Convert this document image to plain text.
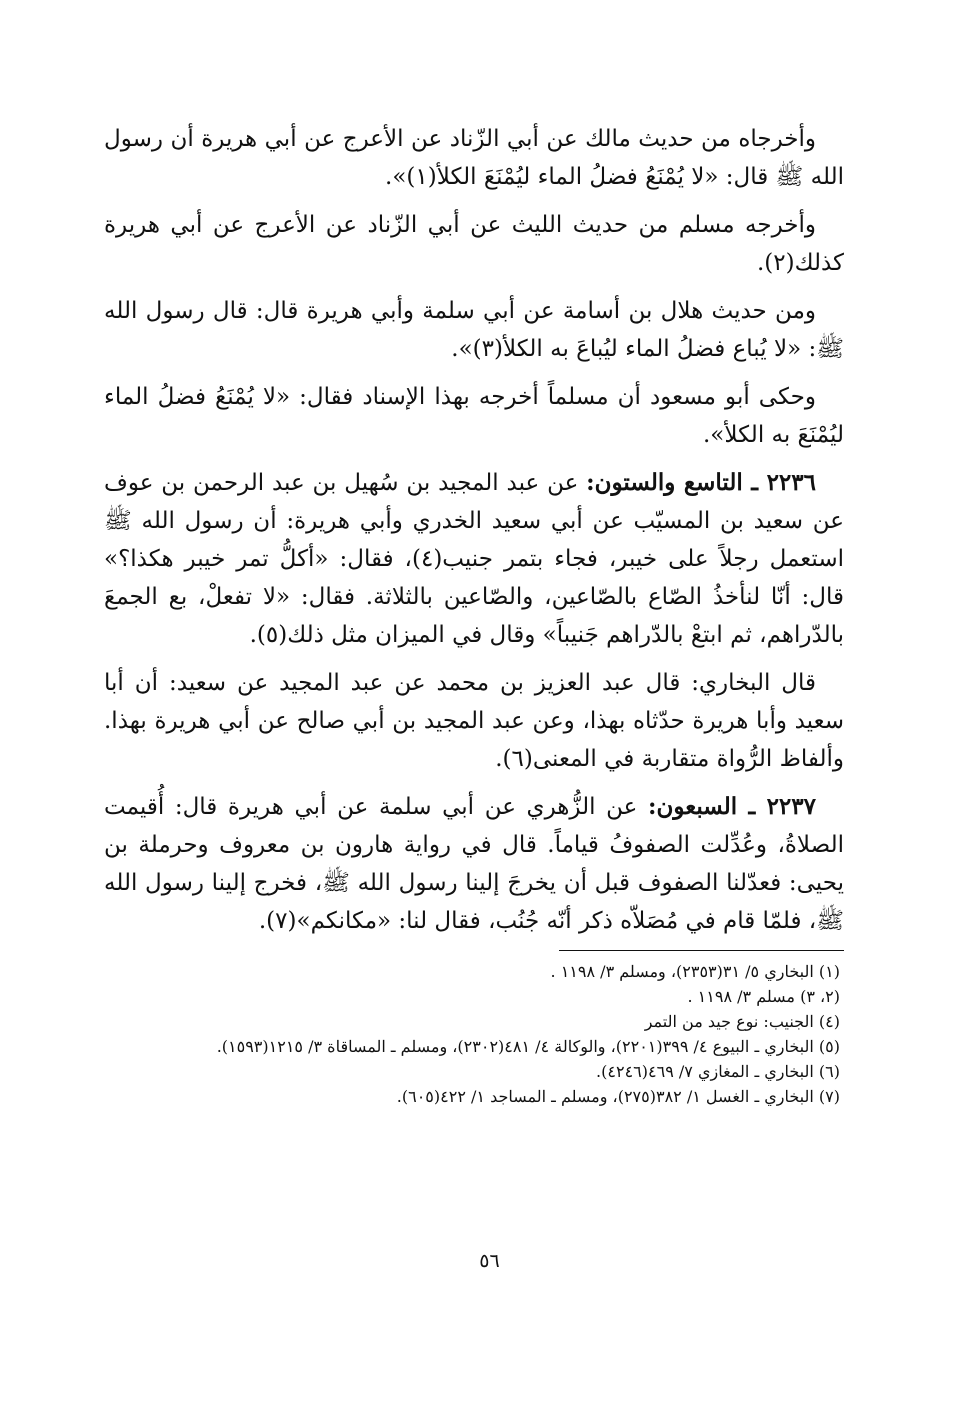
وأخرجاه من حديث مالك عن أبي الزّناد عن الأعرج عن أبي هريرة أن رسول الله ﷺ قال: «لا يُمْنَعُ فضلُ الماء ليُمْنَعَ الكلأ(١)».

وأخرجه مسلم من حديث الليث عن أبي الزّناد عن الأعرج عن أبي هريرة كذلك(٢).

ومن حديث هلال بن أسامة عن أبي سلمة وأبي هريرة قال: قال رسول الله ﷺ: «لا يُباع فضلُ الماء ليُباعَ به الكلأ(٣)».

وحكى أبو مسعود أن مسلماً أخرجه بهذا الإسناد فقال: «لا يُمْنَعُ فضلُ الماء ليُمْنَعَ به الكلأ».

٢٢٣٦ ـ التاسع والستون: عن عبد المجيد بن سُهيل بن عبد الرحمن بن عوف عن سعيد بن المسيّب عن أبي سعيد الخدري وأبي هريرة: أن رسول الله ﷺ استعمل رجلاً على خيبر، فجاء بتمر جنيب(٤)، فقال: «أكلُّ تمر خيبر هكذا؟» قال: أنّا لنأخذُ الصّاع بالصّاعين، والصّاعين بالثلاثة. فقال: «لا تفعلْ، بع الجمعَ بالدّراهم، ثم ابتعْ بالدّراهم جَنيباً» وقال في الميزان مثل ذلك(٥).

قال البخاري: قال عبد العزيز بن محمد عن عبد المجيد عن سعيد: أن أبا سعيد وأبا هريرة حدّثاه بهذا، وعن عبد المجيد بن أبي صالح عن أبي هريرة بهذا. وألفاظ الرُّواة متقاربة في المعنى(٦).

٢٢٣٧ ـ السبعون: عن الزُّهري عن أبي سلمة عن أبي هريرة قال: أُقيمت الصلاةُ، وعُدِّلت الصفوفُ قياماً. قال في رواية هارون بن معروف وحرملة بن يحيى: فعدّلنا الصفوف قبل أن يخرجَ إلينا رسول الله ﷺ، فخرج إلينا رسول الله ﷺ، فلمّا قام في مُصَلاّه ذكر أنّه جُنُب، فقال لنا: «مكانكم»(٧).

(١) البخاري ٥/ ٣١(٢٣٥٣)، ومسلم ٣/ ١١٩٨ .

(٢، ٣) مسلم ٣/ ١١٩٨ .

(٤) الجنيب: نوع جيد من التمر

(٥) البخاري ـ البيوع ٤/ ٣٩٩(٢٢٠١)، والوكالة ٤/ ٤٨١(٢٣٠٢)، ومسلم ـ المساقاة ٣/ ١٢١٥(١٥٩٣).

(٦) البخاري ـ المغازي ٧/ ٤٦٩(٤٢٤٦).

(٧) البخاري ـ الغسل ١/ ٣٨٢(٢٧٥)، ومسلم ـ المساجد ١/ ٤٢٢(٦٠٥).

٥٦
